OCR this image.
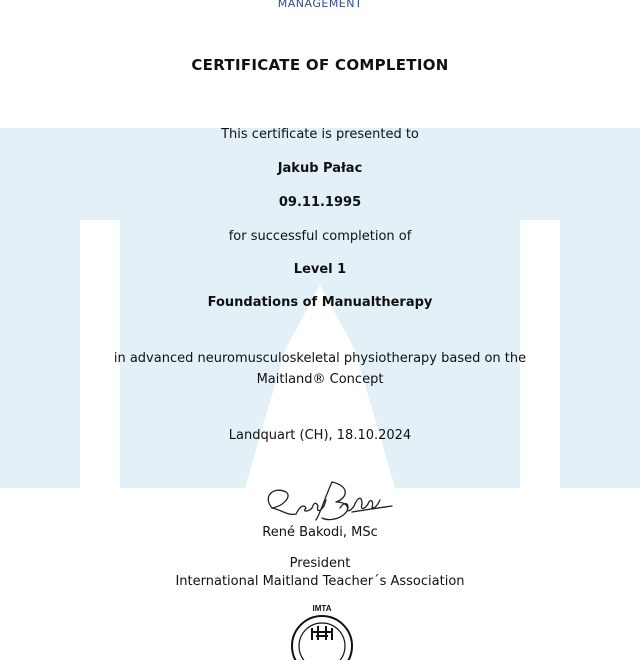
MANAGEMENT
CERTIFICATE OF COMPLETION
This certificate is presented to
Jakub Pałac
09.11.1995
for successful completion of
Level 1
Foundations of Manualtherapy
in advanced neuromusculoskeletal physiotherapy based on the
Maitland® Concept
Landquart (CH), 18.10.2024
René Bakodi, MSc
President
International Maitland Teacher´s Association
IMTA
